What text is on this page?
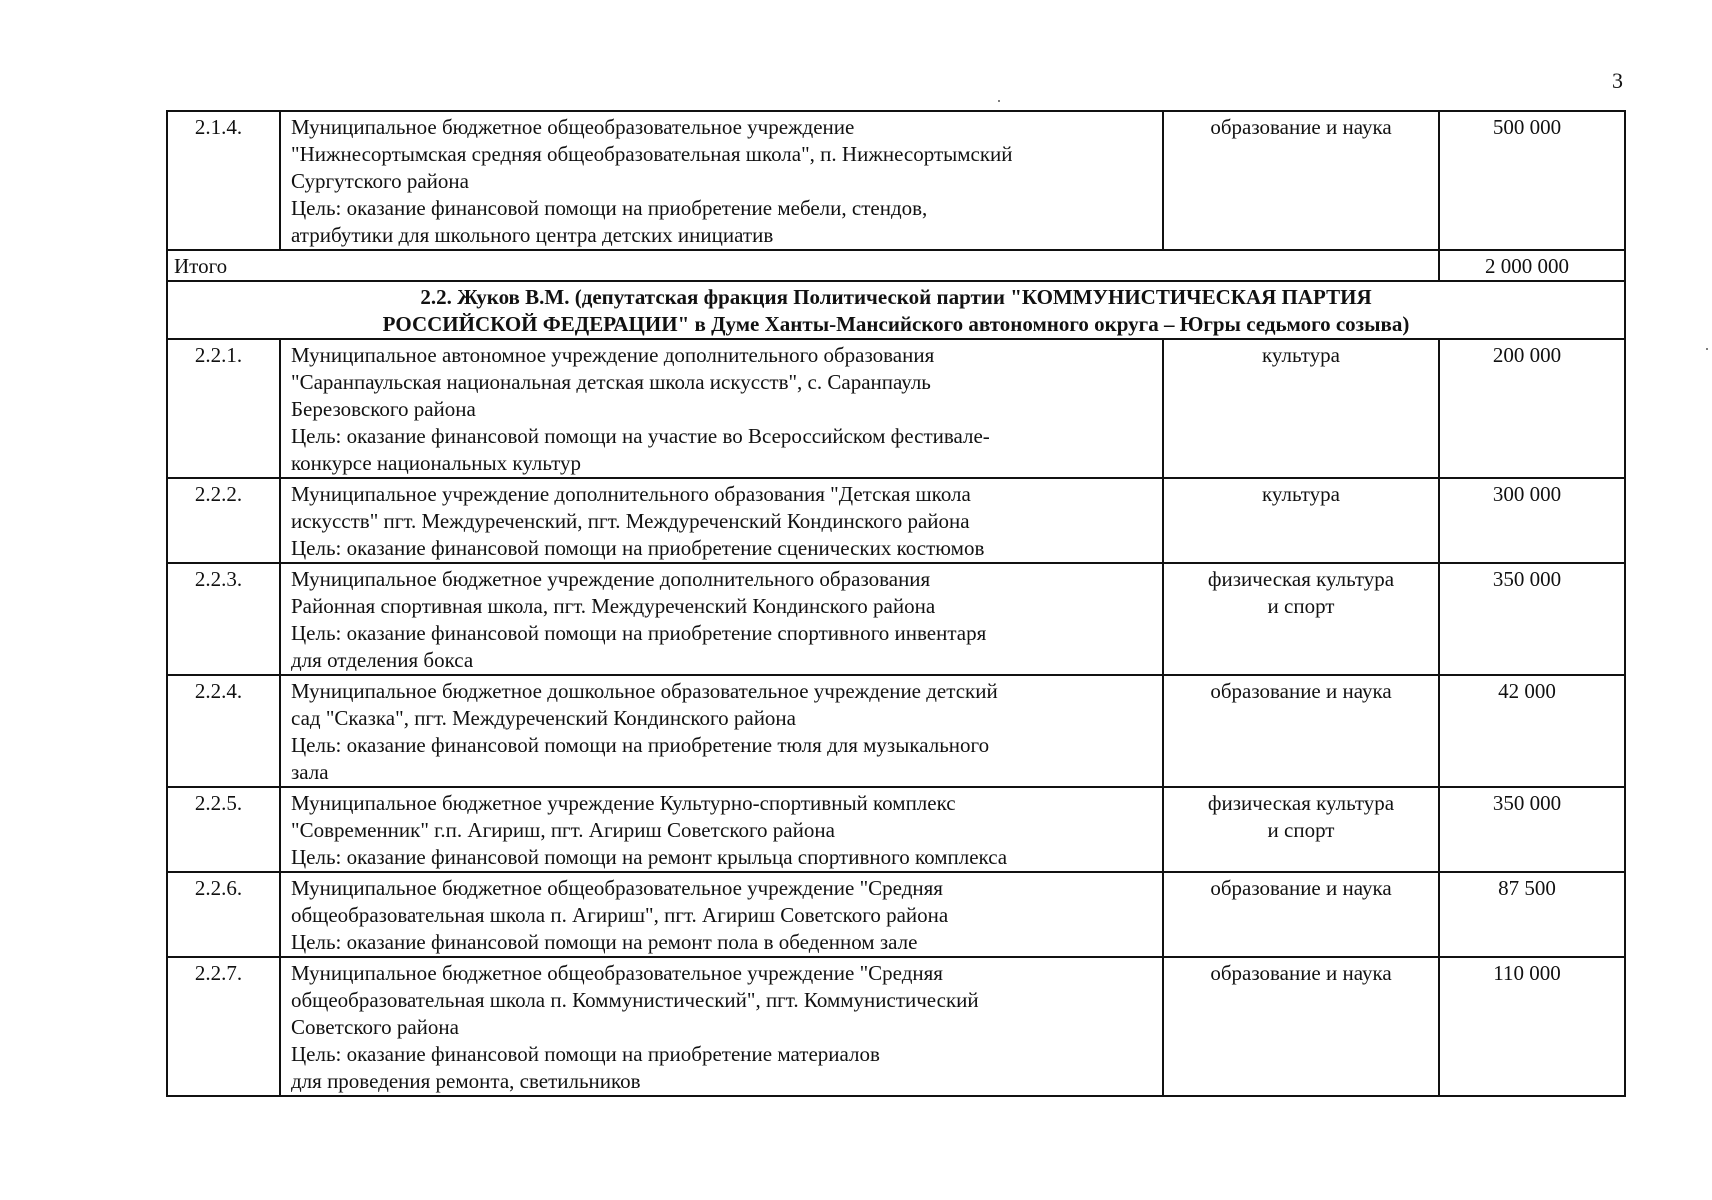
3
2.1.4.	Муниципальное бюджетное общеобразовательное учреждение
"Нижнесортымская средняя общеобразовательная школа", п. Нижнесортымский
Сургутского района
Цель: оказание финансовой помощи на приобретение мебели, стендов,
атрибутики для школьного центра детских инициатив	образование и наука	500 000
Итого			2 000 000

2.2. Жуков В.М. (депутатская фракция Политической партии "КОММУНИСТИЧЕСКАЯ ПАРТИЯ
РОССИЙСКОЙ ФЕДЕРАЦИИ" в Думе Ханты-Мансийского автономного округа – Югры седьмого созыва)			

2.2.1.	Муниципальное автономное учреждение дополнительного образования
"Саранпаульская национальная детская школа искусств", с. Саранпауль
Березовского района
Цель: оказание финансовой помощи на участие во Всероссийском фестивале-
конкурсе национальных культур	культура	200 000
2.2.2.	Муниципальное учреждение дополнительного образования "Детская школа
искусств" пгт. Междуреченский, пгт. Междуреченский Кондинского района
Цель: оказание финансовой помощи на приобретение сценических костюмов	культура	300 000
2.2.3.	Муниципальное бюджетное учреждение дополнительного образования
Районная спортивная школа, пгт. Междуреченский Кондинского района
Цель: оказание финансовой помощи на приобретение спортивного инвентаря
для отделения бокса	физическая культура
и спорт	350 000
2.2.4.	Муниципальное бюджетное дошкольное образовательное учреждение детский
сад "Сказка", пгт. Междуреченский Кондинского района
Цель: оказание финансовой помощи на приобретение тюля для музыкального
зала	образование и наука	42 000
2.2.5.	Муниципальное бюджетное учреждение Культурно-спортивный комплекс
"Современник" г.п. Агириш, пгт. Агириш Советского района
Цель: оказание финансовой помощи на ремонт крыльца спортивного комплекса	физическая культура
и спорт	350 000
2.2.6.	Муниципальное бюджетное общеобразовательное учреждение "Средняя
общеобразовательная школа п. Агириш", пгт. Агириш Советского района
Цель: оказание финансовой помощи на ремонт пола в обеденном зале	образование и наука	87 500
2.2.7.	Муниципальное бюджетное общеобразовательное учреждение "Средняя
общеобразовательная школа п. Коммунистический", пгт. Коммунистический
Советского района
Цель: оказание финансовой помощи на приобретение материалов
для проведения ремонта, светильников	образование и наука	110 000
